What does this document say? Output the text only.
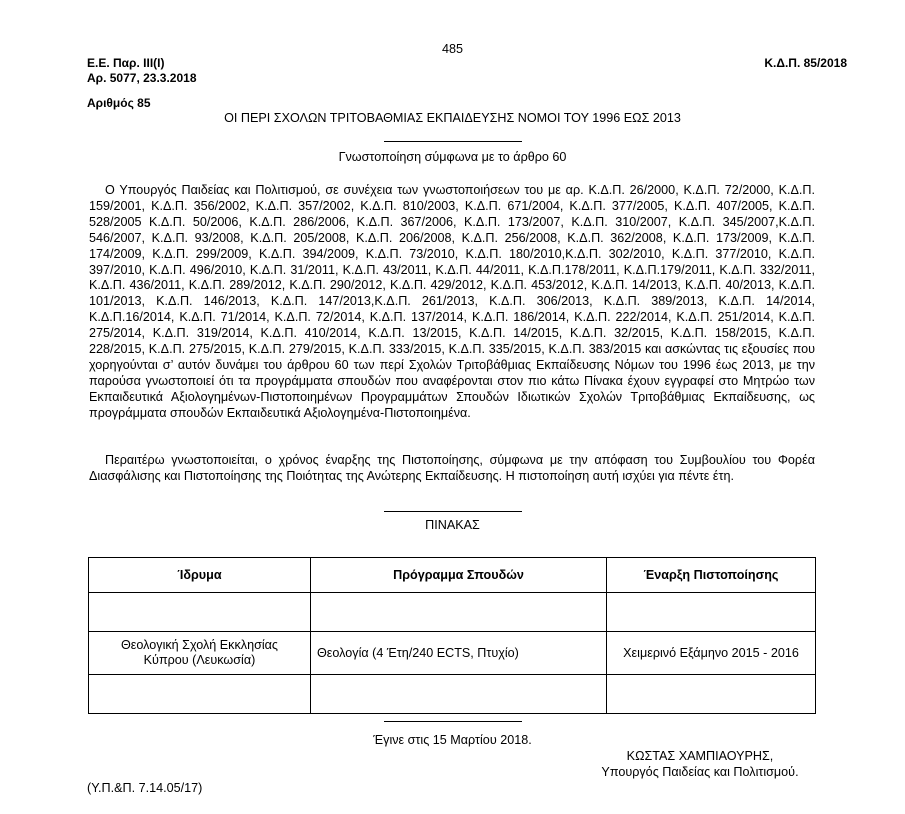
485
Ε.Ε. Παρ. ΙΙΙ(Ι)
Αρ. 5077, 23.3.2018
Κ.Δ.Π. 85/2018
Αριθμός 85
ΟΙ ΠΕΡΙ ΣΧΟΛΩΝ ΤΡΙΤΟΒΑΘΜΙΑΣ ΕΚΠΑΙΔΕΥΣΗΣ ΝΟΜΟΙ ΤΟΥ 1996 ΕΩΣ 2013
Γνωστοποίηση σύμφωνα με το άρθρο 60
Ο Υπουργός Παιδείας και Πολιτισμού, σε συνέχεια των γνωστοποιήσεων του με αρ. Κ.Δ.Π. 26/2000, Κ.Δ.Π. 72/2000, Κ.Δ.Π. 159/2001, Κ.Δ.Π. 356/2002, Κ.Δ.Π. 357/2002, Κ.Δ.Π. 810/2003, Κ.Δ.Π. 671/2004, Κ.Δ.Π. 377/2005, Κ.Δ.Π. 407/2005, Κ.Δ.Π. 528/2005 Κ.Δ.Π. 50/2006, Κ.Δ.Π. 286/2006, Κ.Δ.Π. 367/2006, Κ.Δ.Π. 173/2007, Κ.Δ.Π. 310/2007, Κ.Δ.Π. 345/2007,Κ.Δ.Π. 546/2007, Κ.Δ.Π. 93/2008, Κ.Δ.Π. 205/2008, Κ.Δ.Π. 206/2008, Κ.Δ.Π. 256/2008, Κ.Δ.Π. 362/2008, Κ.Δ.Π. 173/2009, Κ.Δ.Π. 174/2009, Κ.Δ.Π. 299/2009, Κ.Δ.Π. 394/2009, Κ.Δ.Π. 73/2010, Κ.Δ.Π. 180/2010,Κ.Δ.Π. 302/2010, Κ.Δ.Π. 377/2010, Κ.Δ.Π. 397/2010, Κ.Δ.Π. 496/2010, Κ.Δ.Π. 31/2011, Κ.Δ.Π. 43/2011, Κ.Δ.Π. 44/2011, Κ.Δ.Π.178/2011, Κ.Δ.Π.179/2011, Κ.Δ.Π. 332/2011, Κ.Δ.Π. 436/2011, Κ.Δ.Π. 289/2012, Κ.Δ.Π. 290/2012, Κ.Δ.Π. 429/2012, Κ.Δ.Π. 453/2012, Κ.Δ.Π. 14/2013, Κ.Δ.Π. 40/2013, Κ.Δ.Π. 101/2013, Κ.Δ.Π. 146/2013, Κ.Δ.Π. 147/2013,Κ.Δ.Π. 261/2013, Κ.Δ.Π. 306/2013, Κ.Δ.Π. 389/2013, Κ.Δ.Π. 14/2014, Κ.Δ.Π.16/2014, Κ.Δ.Π. 71/2014, Κ.Δ.Π. 72/2014, Κ.Δ.Π. 137/2014, Κ.Δ.Π. 186/2014, Κ.Δ.Π. 222/2014, Κ.Δ.Π. 251/2014, Κ.Δ.Π. 275/2014, Κ.Δ.Π. 319/2014, Κ.Δ.Π. 410/2014, Κ.Δ.Π. 13/2015, Κ.Δ.Π. 14/2015, Κ.Δ.Π. 32/2015, Κ.Δ.Π. 158/2015, Κ.Δ.Π. 228/2015, Κ.Δ.Π. 275/2015, Κ.Δ.Π. 279/2015, Κ.Δ.Π. 333/2015, Κ.Δ.Π. 335/2015, Κ.Δ.Π. 383/2015 και ασκώντας τις εξουσίες που χορηγούνται σ’ αυτόν δυνάμει του άρθρου 60 των περί Σχολών Τριτοβάθμιας Εκπαίδευσης Νόμων του 1996 έως 2013, με την παρούσα γνωστοποιεί ότι τα προγράμματα σπουδών που αναφέρονται στον πιο κάτω Πίνακα έχουν εγγραφεί στο Μητρώο των Εκπαιδευτικά Αξιολογημένων-Πιστοποιημένων Προγραμμάτων Σπουδών Ιδιωτικών Σχολών Τριτοβάθμιας Εκπαίδευσης, ως προγράμματα σπουδών Εκπαιδευτικά Αξιολογημένα-Πιστοποιημένα.
Περαιτέρω γνωστοποιείται, ο χρόνος έναρξης της Πιστοποίησης, σύμφωνα με την απόφαση του Συμβουλίου του Φορέα Διασφάλισης και Πιστοποίησης της Ποιότητας της Ανώτερης Εκπαίδευσης. Η πιστοποίηση αυτή ισχύει για πέντε έτη.
ΠΙΝΑΚΑΣ
Ίδρυμα	Πρόγραμμα Σπουδών	Έναρξη Πιστοποίησης

Θεολογική Σχολή Εκκλησίας
Κύπρου (Λευκωσία)	Θεολογία (4 Έτη/240 ECTS, Πτυχίο)	Χειμερινό Εξάμηνο 2015 - 2016

Έγινε στις 15 Μαρτίου 2018.
ΚΩΣΤΑΣ ΧΑΜΠΙΑΟΥΡΗΣ,
Υπουργός Παιδείας και Πολιτισμού.
(Υ.Π.&Π. 7.14.05/17)
